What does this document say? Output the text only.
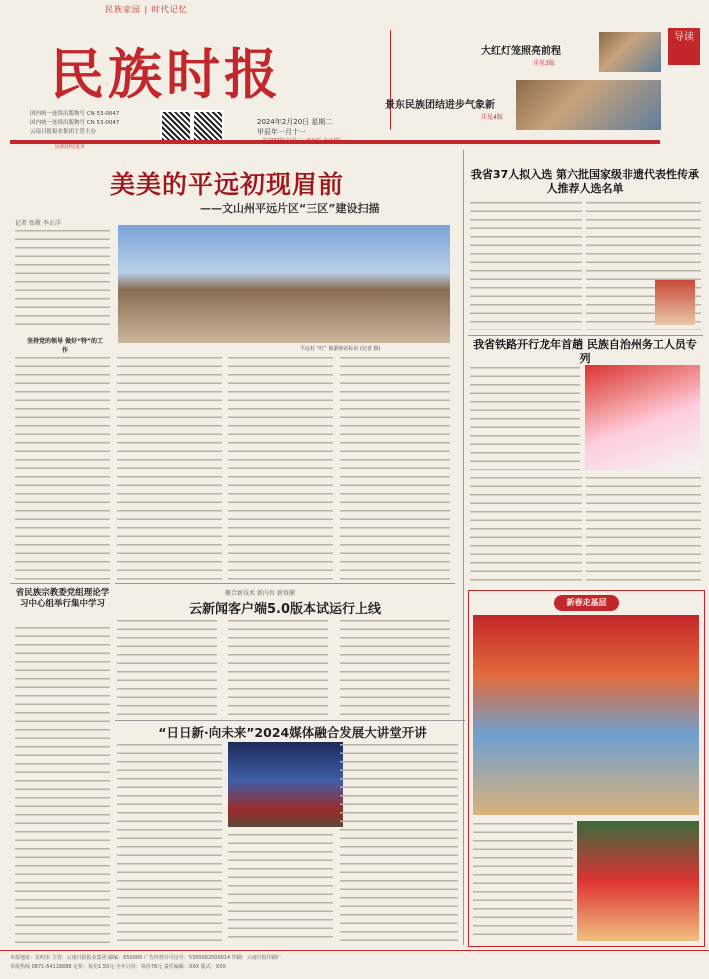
民族家园 | 时代记忆
民族时报
国内统一连续出版物号 CN 53-0047
国内统一连续出版物号 CN 53-0047
云南日报报业集团主管主办
2024年2月20日 星期二
甲辰年一月十一
大红灯笼照亮前程
详见3版
景东民族团结进步气象新
详见4版
导读
民族团结进步
第2777期 每周二、四出版 今日4版
美美的平远初现眉前
——文山州平远片区“三区”建设扫描
记者 张敬 李正洋
平远村 “红” 旅游驿站标识 (记者 摄)
坚持党的领导 做好“特”的工作
省民族宗教委党组理论学习中心组举行集中学习
聚合新技术 新内容 新资源
云新闻客户端5.0版本试运行上线
“日日新·向未来”2024媒体融合发展大讲堂开讲
我省37人拟入选 第六批国家级非遗代表性传承人推荐人选名单
我省铁路开行龙年首趟 民族自治州务工人员专列
新春走基层
本报地址：昆明市 主管：云南日报报业集团 邮编：650000 广告经营许可证号：5300002000014 印刷：云南日报印刷厂
本报热线 0871-64118888 定价：每份1.50元 全年订价：每份78元 责任编辑：XXX 版式：XXX
